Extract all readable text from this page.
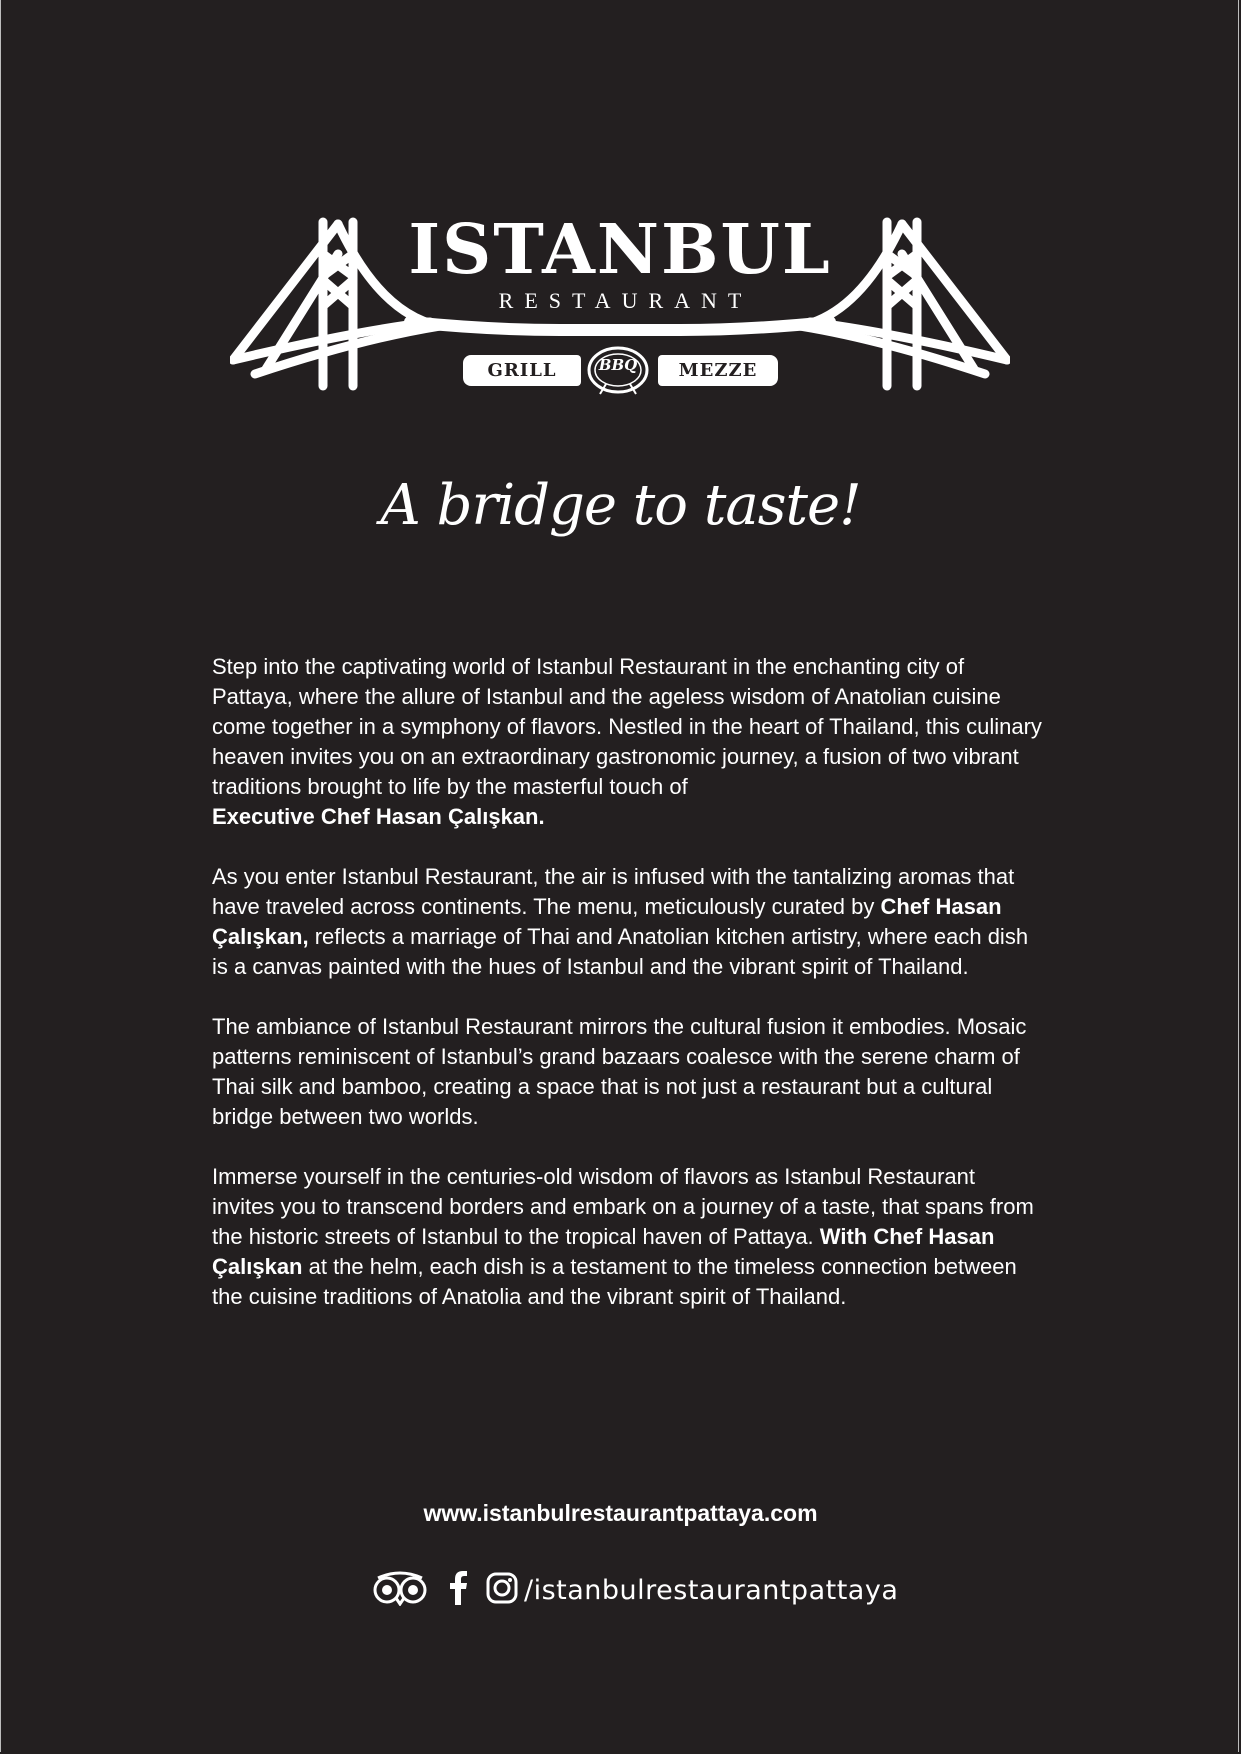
ISTANBUL
RESTAURANT
GRILL	BBQ	MEZZE
A bridge to taste!

Step into the captivating world of Istanbul Restaurant in the enchanting city of Pattaya, where the allure of Istanbul and the ageless wisdom of Anatolian cuisine come together in a symphony of flavors. Nestled in the heart of Thailand, this culinary heaven invites you on an extraordinary gastronomic journey, a fusion of two vibrant traditions brought to life by the masterful touch of
Executive Chef Hasan Çalışkan.

As you enter Istanbul Restaurant, the air is infused with the tantalizing aromas that have traveled across continents. The menu, meticulously curated by Chef Hasan Çalışkan, reflects a marriage of Thai and Anatolian kitchen artistry, where each dish is a canvas painted with the hues of Istanbul and the vibrant spirit of Thailand.

The ambiance of Istanbul Restaurant mirrors the cultural fusion it embodies. Mosaic patterns reminiscent of Istanbul’s grand bazaars coalesce with the serene charm of Thai silk and bamboo, creating a space that is not just a restaurant but a cultural bridge between two worlds.

Immerse yourself in the centuries-old wisdom of flavors as Istanbul Restaurant invites you to transcend borders and embark on a journey of a taste, that spans from the historic streets of Istanbul to the tropical haven of Pattaya. With Chef Hasan Çalışkan at the helm, each dish is a testament to the timeless connection between the cuisine traditions of Anatolia and the vibrant spirit of Thailand.

www.istanbulrestaurantpattaya.com
/istanbulrestaurantpattaya
